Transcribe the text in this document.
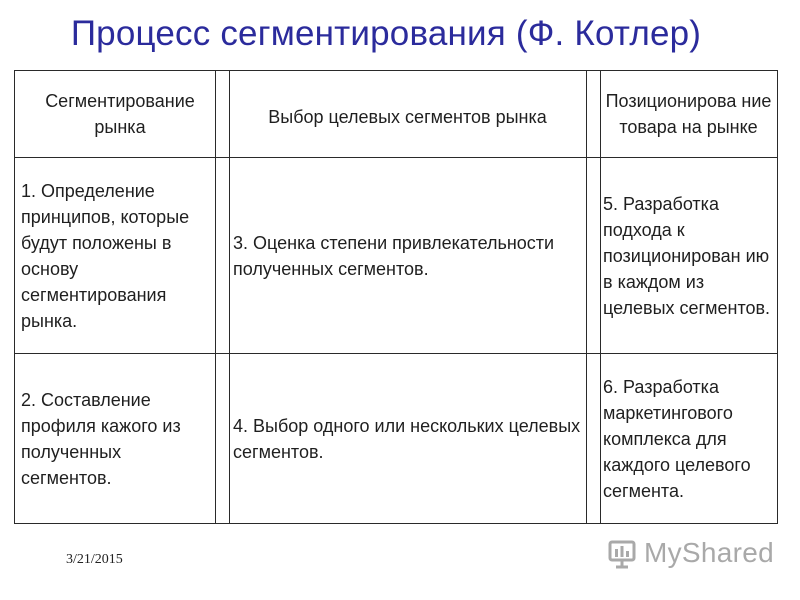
Процесс сегментирования (Ф. Котлер)
Сегментирование рынка	Выбор целевых сегментов рынка
Позиционирова ние товара на рынке
1. Определение принципов, которые будут положены в основу сегментирования рынка.
3. Оценка степени привлекательности полученных сегментов.
5. Разработка подхода к позиционирован ию в каждом из целевых сегментов.
2. Составление профиля кажого из полученных сегментов.
4. Выбор одного или нескольких целевых сегментов.
6. Разработка маркетингового комплекса для каждого целевого сегмента.
3/21/2015	MyShared
